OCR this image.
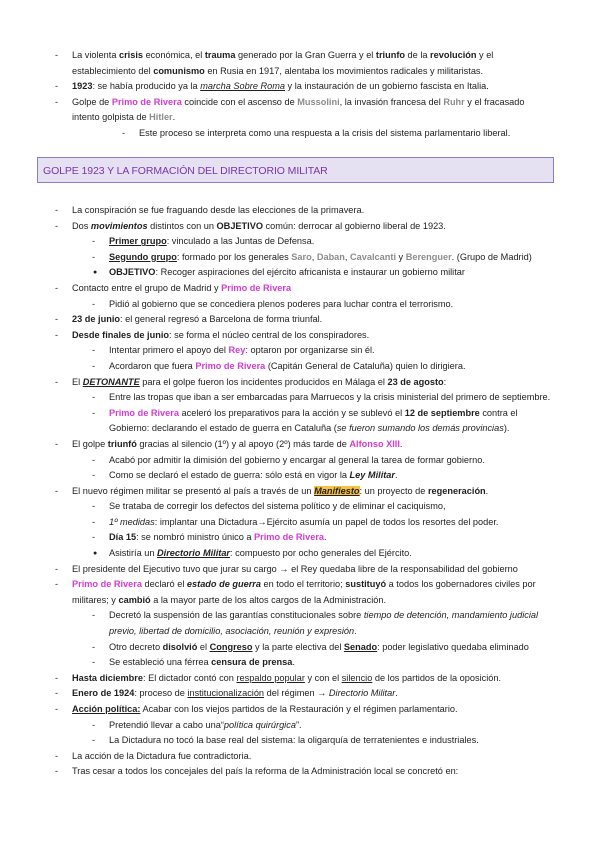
- La violenta crisis económica, el trauma generado por la Gran Guerra y el triunfo de la revolución y el establecimiento del comunismo en Rusia en 1917, alentaba los movimientos radicales y militaristas.
- 1923: se había producido ya la marcha Sobre Roma y la instauración de un gobierno fascista en Italia.
- Golpe de Primo de Rivera coincide con el ascenso de Mussolini, la invasión francesa del Ruhr y el fracasado intento golpista de Hitler.
- Este proceso se interpreta como una respuesta a la crisis del sistema parlamentario liberal.
GOLPE 1923 Y LA FORMACIÓN DEL DIRECTORIO MILITAR
- La conspiración se fue fraguando desde las elecciones de la primavera.
- Dos movimientos distintos con un OBJETIVO común: derrocar al gobierno liberal de 1923.
- Primer grupo: vinculado a las Juntas de Defensa.
- Segundo grupo: formado por los generales Saro, Daban, Cavalcanti y Berenguer. (Grupo de Madrid)
● OBJETIVO: Recoger aspiraciones del ejército africanista e instaurar un gobierno militar
- Contacto entre el grupo de Madrid y Primo de Rivera
- Pidió al gobierno que se concediera plenos poderes para luchar contra el terrorismo.
- 23 de junio: el general regresó a Barcelona de forma triunfal.
- Desde finales de junio: se forma el núcleo central de los conspiradores.
- Intentar primero el apoyo del Rey: optaron por organizarse sin él.
- Acordaron que fuera Primo de Rivera (Capitán General de Cataluña) quien lo dirigiera.
- El DETONANTE para el golpe fueron los incidentes producidos en Málaga el 23 de agosto:
- Entre las tropas que iban a ser embarcadas para Marruecos y la crisis ministerial del primero de septiembre.
- Primo de Rivera aceleró los preparativos para la acción y se sublevó el 12 de septiembre contra el Gobierno: declarando el estado de guerra en Cataluña (se fueron sumando los demás provincias).
- El golpe triunfó gracias al silencio (1º) y al apoyo (2º) más tarde de Alfonso XIII.
- Acabó por admitir la dimisión del gobierno y encargar al general la tarea de formar gobierno.
- Como se declaró el estado de guerra: sólo está en vigor la Ley Militar.
- El nuevo régimen militar se presentó al país a través de un Manifiesto: un proyecto de regeneración.
- Se trataba de corregir los defectos del sistema político y de eliminar el caciquismo,
- 1º medidas: implantar una Dictadura→Ejército asumía un papel de todos los resortes del poder.
- Día 15: se nombró ministro único a Primo de Rivera.
● Asistiría un Directorio Militar: compuesto por ocho generales del Ejército.
- El presidente del Ejecutivo tuvo que jurar su cargo → el Rey quedaba libre de la responsabilidad del gobierno
- Primo de Rivera declaró el estado de guerra en todo el territorio; sustituyó a todos los gobernadores civiles por militares; y cambió a la mayor parte de los altos cargos de la Administración.
- Decretó la suspensión de las garantías constitucionales sobre tiempo de detención, mandamiento judicial previo, libertad de domicilio, asociación, reunión y expresión.
- Otro decreto disolvió el Congreso y la parte electiva del Senado: poder legislativo quedaba eliminado
- Se estableció una férrea censura de prensa.
- Hasta diciembre: El dictador contó con respaldo popular y con el silencio de los partidos de la oposición.
- Enero de 1924: proceso de institucionalización del régimen → Directorio Militar.
- Acción política: Acabar con los viejos partidos de la Restauración y el régimen parlamentario.
- Pretendió llevar a cabo una“política quirúrgica”.
- La Dictadura no tocó la base real del sistema: la oligarquía de terratenientes e industriales.
- La acción de la Dictadura fue contradictoria.
- Tras cesar a todos los concejales del país la reforma de la Administración local se concretó en:
